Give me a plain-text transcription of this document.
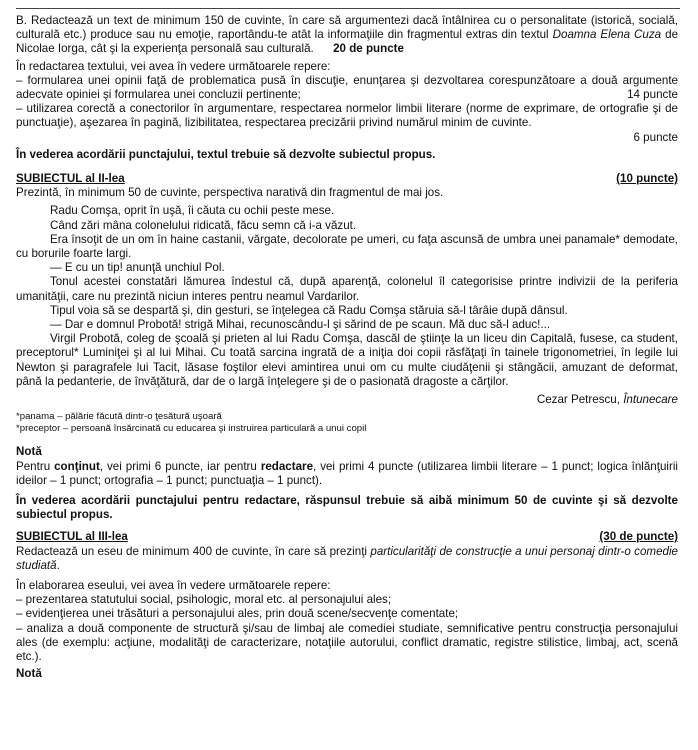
B. Redactează un text de minimum 150 de cuvinte, în care să argumentezi dacă întâlnirea cu o personalitate (istorică, socială, culturală etc.) produce sau nu emoţie, raportându-te atât la informaţiile din fragmentul extras din textul Doamna Elena Cuza de Nicolae Iorga, cât şi la experienţa personală sau culturală. 20 de puncte

În redactarea textului, vei avea în vedere următoarele repere:

– formularea unei opinii faţă de problematica pusă în discuţie, enunţarea şi dezvoltarea corespunzătoare a două argumente adecvate opiniei şi formularea unei concluzii pertinente;	14 puncte

– utilizarea corectă a conectorilor în argumentare, respectarea normelor limbii literare (norme de exprimare, de ortografie şi de punctuaţie), aşezarea în pagină, lizibilitatea, respectarea precizării privind numărul minim de cuvinte.

6 puncte

În vederea acordării punctajului, textul trebuie să dezvolte subiectul propus.

SUBIECTUL al II-lea	(10 puncte)

Prezintă, în minimum 50 de cuvinte, perspectiva narativă din fragmentul de mai jos.

Radu Comşa, oprit în uşă, îi căuta cu ochii peste mese.

Când zări mâna colonelului ridicată, făcu semn că i-a văzut.

Era însoţit de un om în haine castanii, vărgate, decolorate pe umeri, cu faţa ascunsă de umbra unei panamale* demodate, cu borurile foarte largi.

— E cu un tip! anunţă unchiul Pol.

Tonul acestei constatări lămurea îndestul că, după aparenţă, colonelul îl categorisise printre indivizii de la periferia umanităţii, care nu prezintă niciun interes pentru neamul Vardarilor.

Tipul voia să se despartă şi, din gesturi, se înţelegea că Radu Comşa stăruia să-l târâie după dânsul.

— Dar e domnul Probotă! strigă Mihai, recunoscându-l şi sărind de pe scaun. Mă duc să-l aduc!...

Virgil Probotă, coleg de şcoală şi prieten al lui Radu Comşa, dascăl de ştiinţe la un liceu din Capitală, fusese, ca student, preceptorul* Luminiţei şi al lui Mihai. Cu toată sarcina ingrată de a iniţia doi copii răsfăţaţi în tainele trigonometriei, în legile lui Newton şi paragrafele lui Tacit, lăsase foştilor elevi amintirea unui om cu multe ciudăţenii şi stângăcii, amuzant de deformat, până la pedanterie, de învăţătură, dar de o largă înţelegere şi de o pasionată dragoste a cărţilor.

Cezar Petrescu, Întunecare

*panama – pălărie făcută dintr-o ţesătură uşoară

*preceptor – persoană însărcinată cu educarea şi instruirea particulară a unui copil

Notă

Pentru conţinut, vei primi 6 puncte, iar pentru redactare, vei primi 4 puncte (utilizarea limbii literare – 1 punct; logica înlănţuirii ideilor – 1 punct; ortografia – 1 punct; punctuaţia – 1 punct).

În vederea acordării punctajului pentru redactare, răspunsul trebuie să aibă minimum 50 de cuvinte şi să dezvolte subiectul propus.

SUBIECTUL al III-lea	(30 de puncte)

Redactează un eseu de minimum 400 de cuvinte, în care să prezinţi particularităţi de construcţie a unui personaj dintr-o comedie studiată.

În elaborarea eseului, vei avea în vedere următoarele repere:

– prezentarea statutului social, psihologic, moral etc. al personajului ales;

– evidenţierea unei trăsături a personajului ales, prin două scene/secvenţe comentate;

– analiza a două componente de structură şi/sau de limbaj ale comediei studiate, semnificative pentru construcţia personajului ales (de exemplu: acţiune, modalităţi de caracterizare, notaţiile autorului, conflict dramatic, registre stilistice, limbaj, act, scenă etc.).

Notă
